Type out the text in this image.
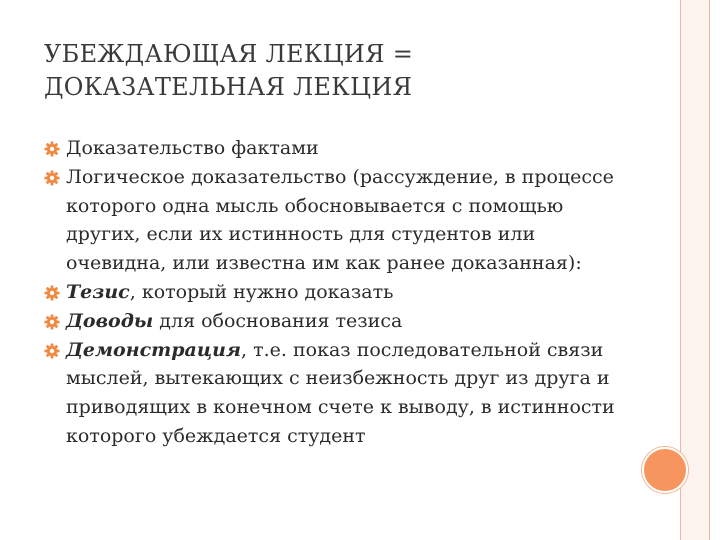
УБЕЖДАЮЩАЯ ЛЕКЦИЯ =
ДОКАЗАТЕЛЬНАЯ ЛЕКЦИЯ
Доказательство фактами
Логическое доказательство (рассуждение, в процессе которого одна мысль обосновывается с помощью других, если их истинность для студентов или очевидна, или известна им как ранее доказанная):
Тезис, который нужно доказать
Доводы для обоснования тезиса
Демонстрация, т.е. показ последовательной связи мыслей, вытекающих с неизбежность друг из друга и приводящих в конечном счете к выводу, в истинности которого убеждается студент
